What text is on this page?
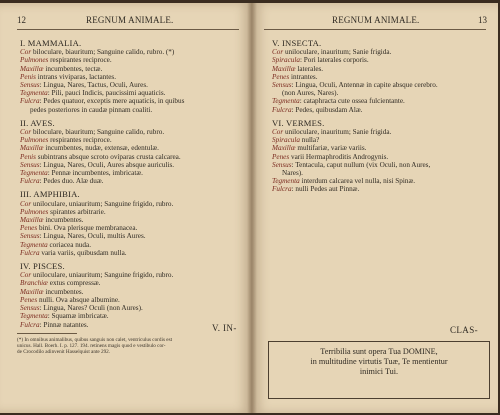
12	REGNUM ANIMALE.
I. MAMMALIA.
Cor biloculare, biauritum; Sanguine calido, rubro. (*)
Pulmones respirantes reciproce.
Maxillæ incumbentes, tectæ.
Penis intrans viviparas, lactantes.
Sensus: Lingua, Nares, Tactus, Oculi, Aures.
Tegmenta: Pili, pauci Indicis, paucissimi aquaticis.
Fulcra: Pedes quatuor, exceptis mere aquaticis, in quibus
pedes posteriores in caudæ pinnam coaliti.
II. AVES.
Cor biloculare, biauritum; Sanguine calido, rubro.
Pulmones respirantes reciproce.
Maxillæ incumbentes, nudæ, extensæ, edentulæ.
Penis subintrans absque scroto ovíparas crusta calcarea.
Sensus: Lingua, Nares, Oculi, Aures absque auriculis.
Tegmenta: Pennæ incumbentes, imbricatæ.
Fulcra: Pedes duo. Alæ duæ.
III. AMPHIBIA.
Cor uniloculare, uniauritum; Sanguine frigido, rubro.
Pulmones spirantes arbitrarie.
Maxillæ incumbentes.
Penes bini. Ova plerisque membranacea.
Sensus: Lingua, Nares, Oculi, multis Aures.
Tegmenta coriacea nuda.
Fulcra varia variis, quibusdam nulla.
IV. PISCES.
Cor uniloculare, uniauritum; Sanguine frigido, rubro.
Branchiæ extus compressæ.
Maxillæ incumbentes.
Penes nulli. Ova absque albumine.
Sensus: Lingua, Nares? Oculi (non Aures).
Tegmenta: Squamæ imbricatæ.
Fulcra: Pinnæ natantes.	V. IN-
(*) In omnibus animalibus, quibus sanguis non calet, ventriculus cordis est
unicus. Hall. Boerh. I. p. 127. 194. retinens magis quod e vestibulo cor-
de Crocodilo adinvenit Hasselquist ante 292.
REGNUM ANIMALE.	13
V. INSECTA.
Cor uniloculare, inauritum; Sanie frigida.
Spiracula: Pori laterales corporis.
Maxillæ laterales.
Penes intrantes.
Sensus: Lingua, Oculi, Antennæ in capite absque cerebro.
(non Aures, Nares).
Tegmenta: cataphracta cute ossea fulcientante.
Fulcra: Pedes, quibusdam Alæ.
VI. VERMES.
Cor uniloculare, inauritum; Sanie frigida.
Spiracula nulla?
Maxillæ multifariæ, variæ variis.
Penes varii Hermaphroditis Androgynis.
Sensus: Tentacula, caput nullum (vix Oculi, non Aures,
Nares).
Tegmenta interdum calcarea vel nulla, nisi Spinæ.
Fulcra: nulli Pedes aut Pinnæ.
CLAS-
Terribilia sunt opera Tua DOMINE,
in multitudine virtutis Tuæ, Te mentientur
inimici Tui.
